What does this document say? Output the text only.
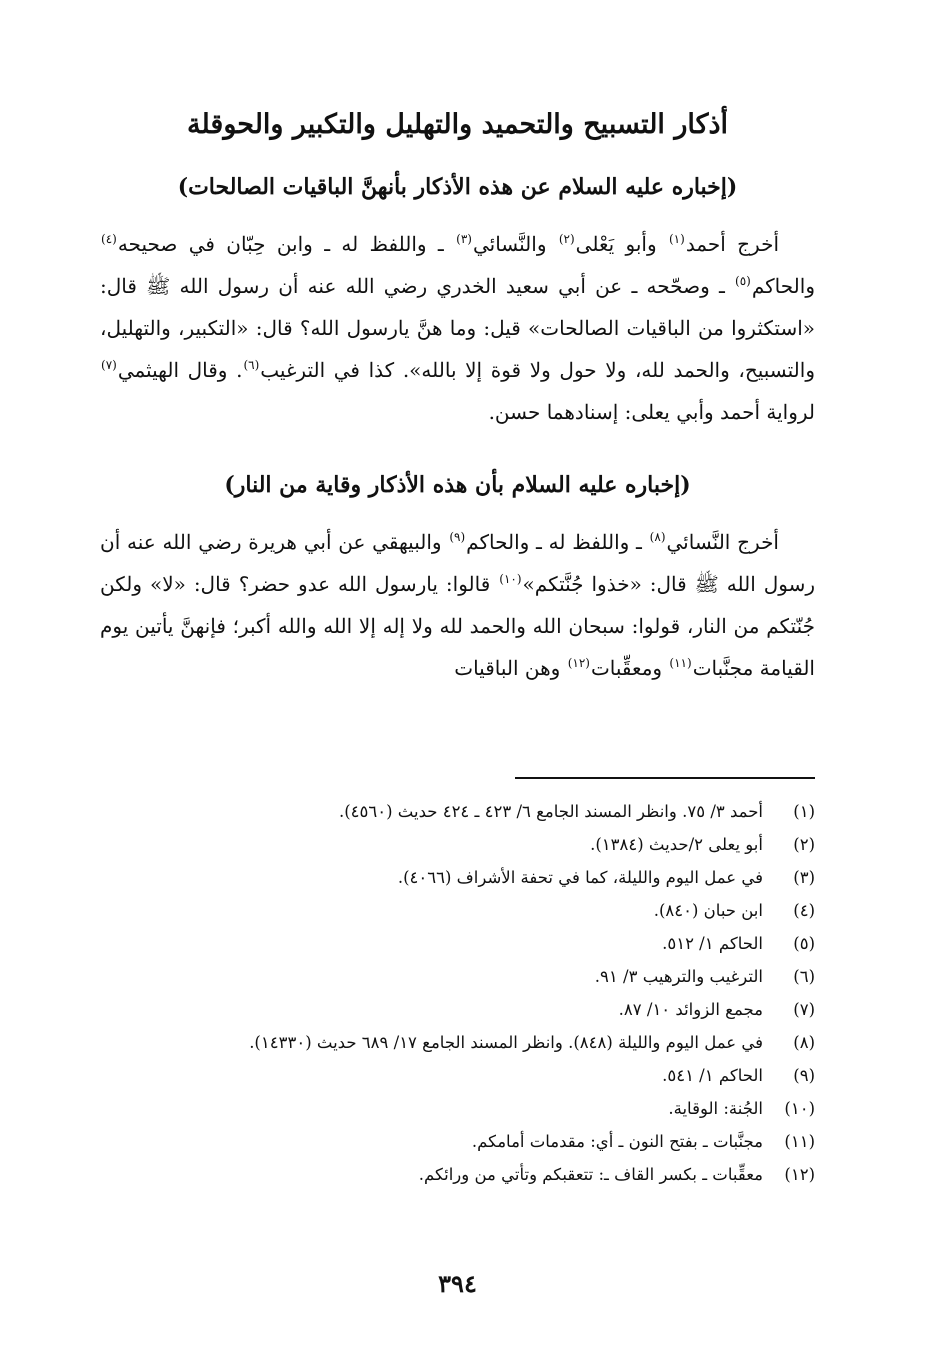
أذكار التسبيح والتحميد والتهليل والتكبير والحوقلة
(إخباره عليه السلام عن هذه الأذكار بأنهنَّ الباقيات الصالحات)

أخرج أحمد$^{(١)}$ وأبو يَعْلى$^{(٢)}$ والنَّسائي$^{(٣)}$ ـ واللفظ له ـ وابن حِبّان في صحيحه$^{(٤)}$ والحاكم$^{(٥)}$ ـ وصحّحه ـ عن أبي سعيد الخدري رضي الله عنه أن رسول الله ﷺ قال: «استكثروا من الباقيات الصالحات» قيل: وما هنَّ يارسول الله؟ قال: «التكبير، والتهليل، والتسبيح، والحمد لله، ولا حول ولا قوة إلا بالله». كذا في الترغيب$^{(٦)}$. وقال الهيثمي$^{(٧)}$ لرواية أحمد وأبي يعلى: إسنادهما حسن.

(إخباره عليه السلام بأن هذه الأذكار وقاية من النار)

أخرج النَّسائي$^{(٨)}$ ـ واللفظ له ـ والحاكم$^{(٩)}$ والبيهقي عن أبي هريرة رضي الله عنه أن رسول الله ﷺ قال: «خذوا جُنَّتكم»$^{(١٠)}$ قالوا: يارسول الله عدو حضر؟ قال: «لا» ولكن جُنّتكم من النار، قولوا: سبحان الله والحمد لله ولا إله إلا الله والله أكبر؛ فإنهنَّ يأتين يوم القيامة مجنَّبات$^{(١١)}$ ومعقِّبات$^{(١٢)}$ وهن الباقيات

(١)
أحمد ٣/ ٧٥. وانظر المسند الجامع ٦/ ٤٢٣ ـ ٤٢٤ حديث (٤٥٦٠).
(٢)
أبو يعلى ٢/حديث (١٣٨٤).
(٣)
في عمل اليوم والليلة، كما في تحفة الأشراف (٤٠٦٦).
(٤)
ابن حبان (٨٤٠).
(٥)
الحاكم ١/ ٥١٢.
(٦)
الترغيب والترهيب ٣/ ٩١.
(٧)
مجمع الزوائد ١٠/ ٨٧.
(٨)
في عمل اليوم والليلة (٨٤٨). وانظر المسند الجامع ١٧/ ٦٨٩ حديث (١٤٣٣٠).
(٩)
الحاكم ١/ ٥٤١.
(١٠)
الجُنة: الوقاية.
(١١)
مجنَّبات ـ بفتح النون ـ أي: مقدمات أمامكم.
(١٢)
معقِّبات ـ بكسر القاف ـ: تتعقبكم وتأتي من ورائكم.
٣٩٤
